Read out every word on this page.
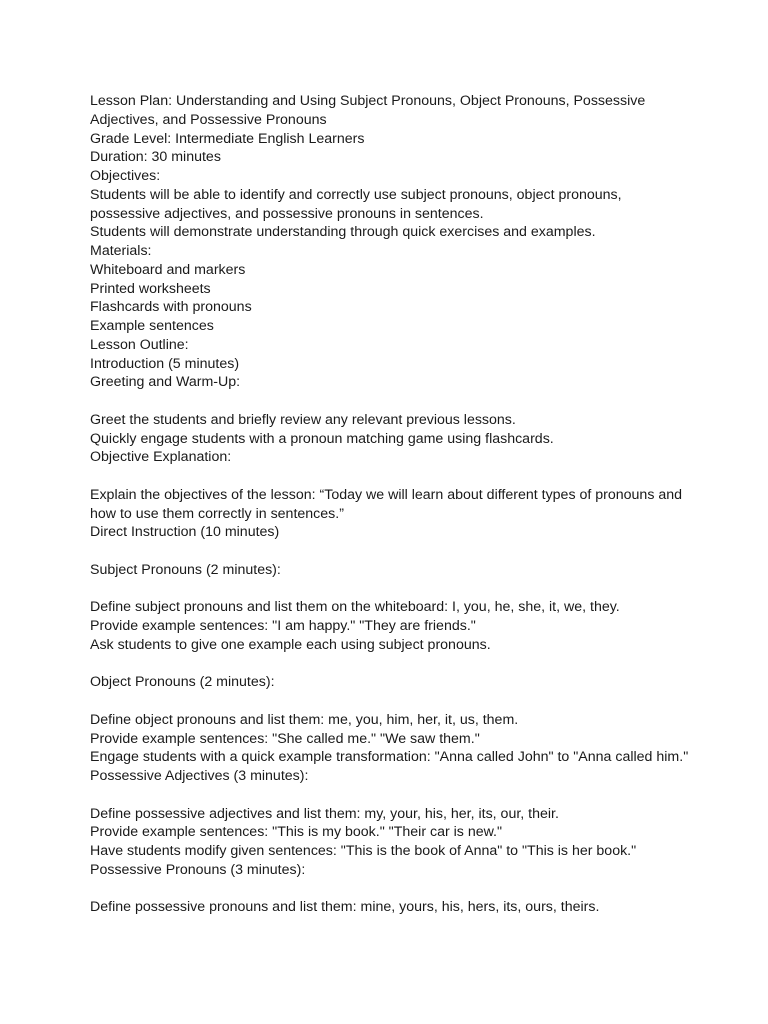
Lesson Plan: Understanding and Using Subject Pronouns, Object Pronouns, Possessive
Adjectives, and Possessive Pronouns
Grade Level: Intermediate English Learners
Duration: 30 minutes
Objectives:
Students will be able to identify and correctly use subject pronouns, object pronouns,
possessive adjectives, and possessive pronouns in sentences.
Students will demonstrate understanding through quick exercises and examples.
Materials:
Whiteboard and markers
Printed worksheets
Flashcards with pronouns
Example sentences
Lesson Outline:
Introduction (5 minutes)
Greeting and Warm-Up:
Greet the students and briefly review any relevant previous lessons.
Quickly engage students with a pronoun matching game using flashcards.
Objective Explanation:
Explain the objectives of the lesson: “Today we will learn about different types of pronouns and
how to use them correctly in sentences.”
Direct Instruction (10 minutes)
Subject Pronouns (2 minutes):
Define subject pronouns and list them on the whiteboard: I, you, he, she, it, we, they.
Provide example sentences: "I am happy." "They are friends."
Ask students to give one example each using subject pronouns.
Object Pronouns (2 minutes):
Define object pronouns and list them: me, you, him, her, it, us, them.
Provide example sentences: "She called me." "We saw them."
Engage students with a quick example transformation: "Anna called John" to "Anna called him."
Possessive Adjectives (3 minutes):
Define possessive adjectives and list them: my, your, his, her, its, our, their.
Provide example sentences: "This is my book." "Their car is new."
Have students modify given sentences: "This is the book of Anna" to "This is her book."
Possessive Pronouns (3 minutes):
Define possessive pronouns and list them: mine, yours, his, hers, its, ours, theirs.
